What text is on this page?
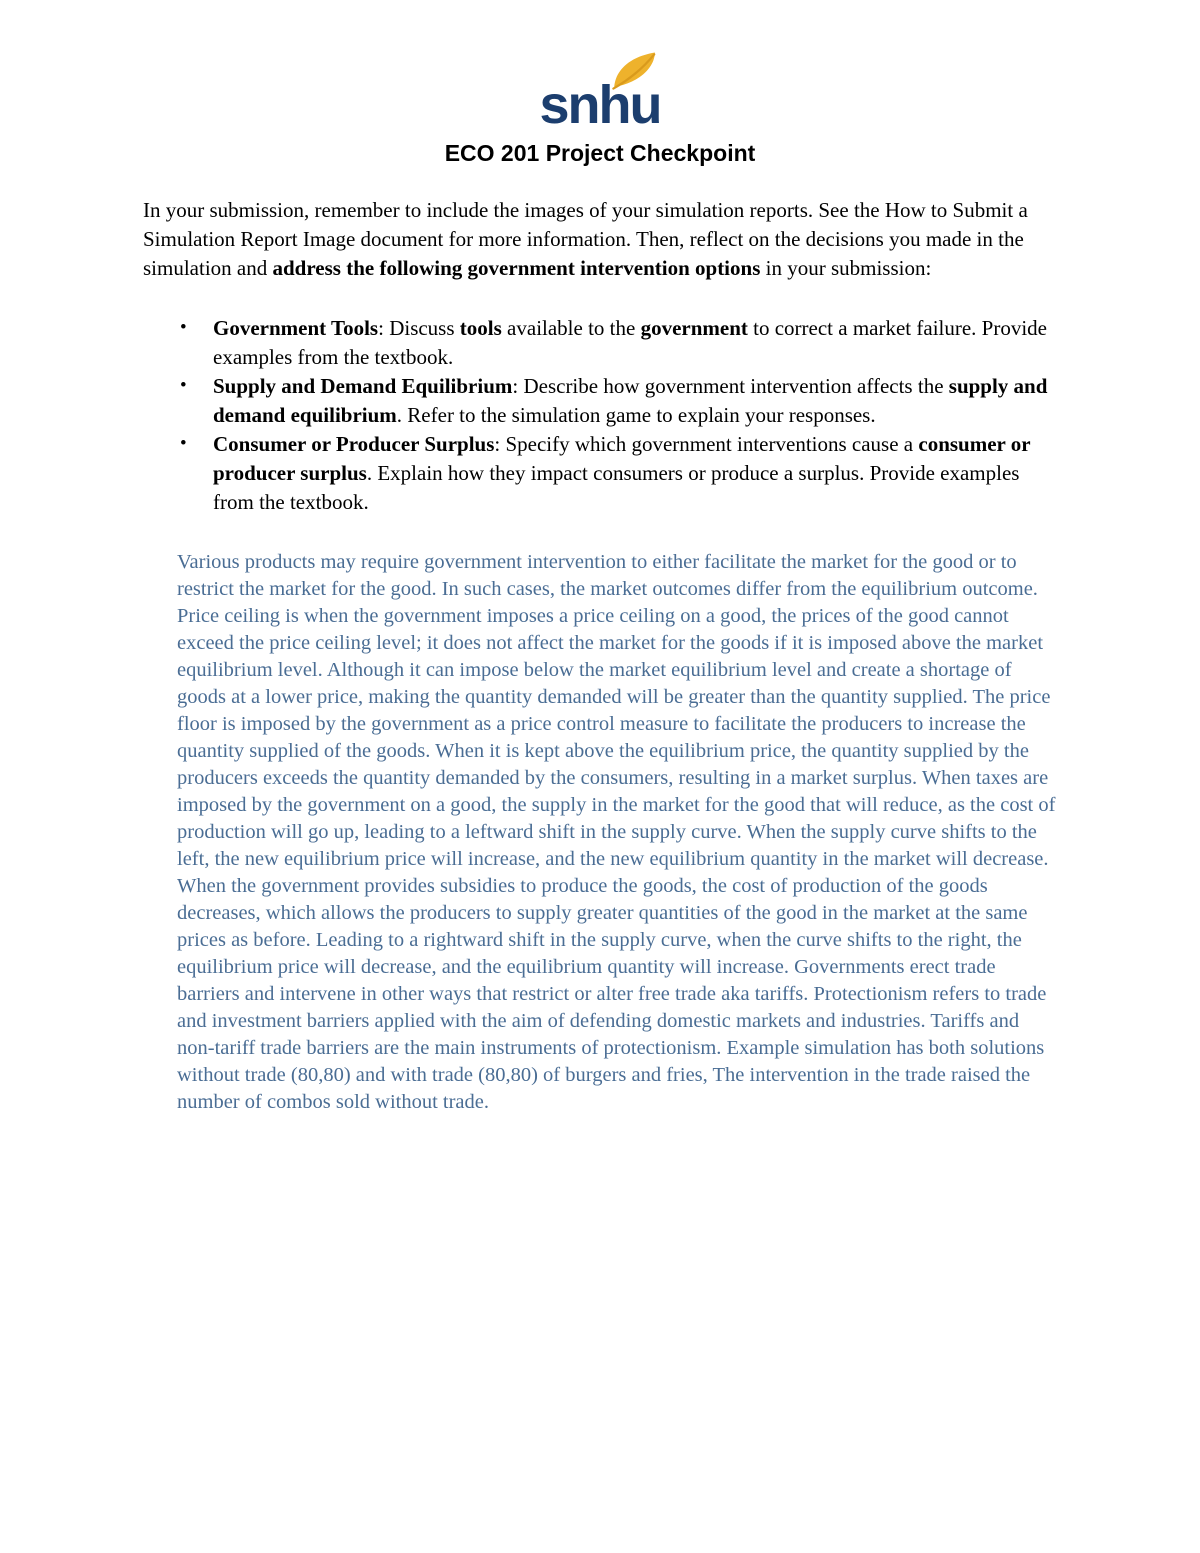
snhu
ECO 201 Project Checkpoint

In your submission, remember to include the images of your simulation reports. See the How to Submit a Simulation Report Image document for more information. Then, reflect on the decisions you made in the simulation and address the following government intervention options in your submission:

• Government Tools: Discuss tools available to the government to correct a market failure. Provide examples from the textbook.
• Supply and Demand Equilibrium: Describe how government intervention affects the supply and demand equilibrium. Refer to the simulation game to explain your responses.
• Consumer or Producer Surplus: Specify which government interventions cause a consumer or producer surplus. Explain how they impact consumers or produce a surplus. Provide examples from the textbook.

Various products may require government intervention to either facilitate the market for the good or to restrict the market for the good. In such cases, the market outcomes differ from the equilibrium outcome. Price ceiling is when the government imposes a price ceiling on a good, the prices of the good cannot exceed the price ceiling level; it does not affect the market for the goods if it is imposed above the market equilibrium level. Although it can impose below the market equilibrium level and create a shortage of goods at a lower price, making the quantity demanded will be greater than the quantity supplied. The price floor is imposed by the government as a price control measure to facilitate the producers to increase the quantity supplied of the goods. When it is kept above the equilibrium price, the quantity supplied by the producers exceeds the quantity demanded by the consumers, resulting in a market surplus. When taxes are imposed by the government on a good, the supply in the market for the good that will reduce, as the cost of production will go up, leading to a leftward shift in the supply curve. When the supply curve shifts to the left, the new equilibrium price will increase, and the new equilibrium quantity in the market will decrease. When the government provides subsidies to produce the goods, the cost of production of the goods decreases, which allows the producers to supply greater quantities of the good in the market at the same prices as before. Leading to a rightward shift in the supply curve, when the curve shifts to the right, the equilibrium price will decrease, and the equilibrium quantity will increase. Governments erect trade barriers and intervene in other ways that restrict or alter free trade aka tariffs. Protectionism refers to trade and investment barriers applied with the aim of defending domestic markets and industries. Tariffs and non-tariff trade barriers are the main instruments of protectionism. Example simulation has both solutions without trade (80,80) and with trade (80,80) of burgers and fries, The intervention in the trade raised the number of combos sold without trade.
